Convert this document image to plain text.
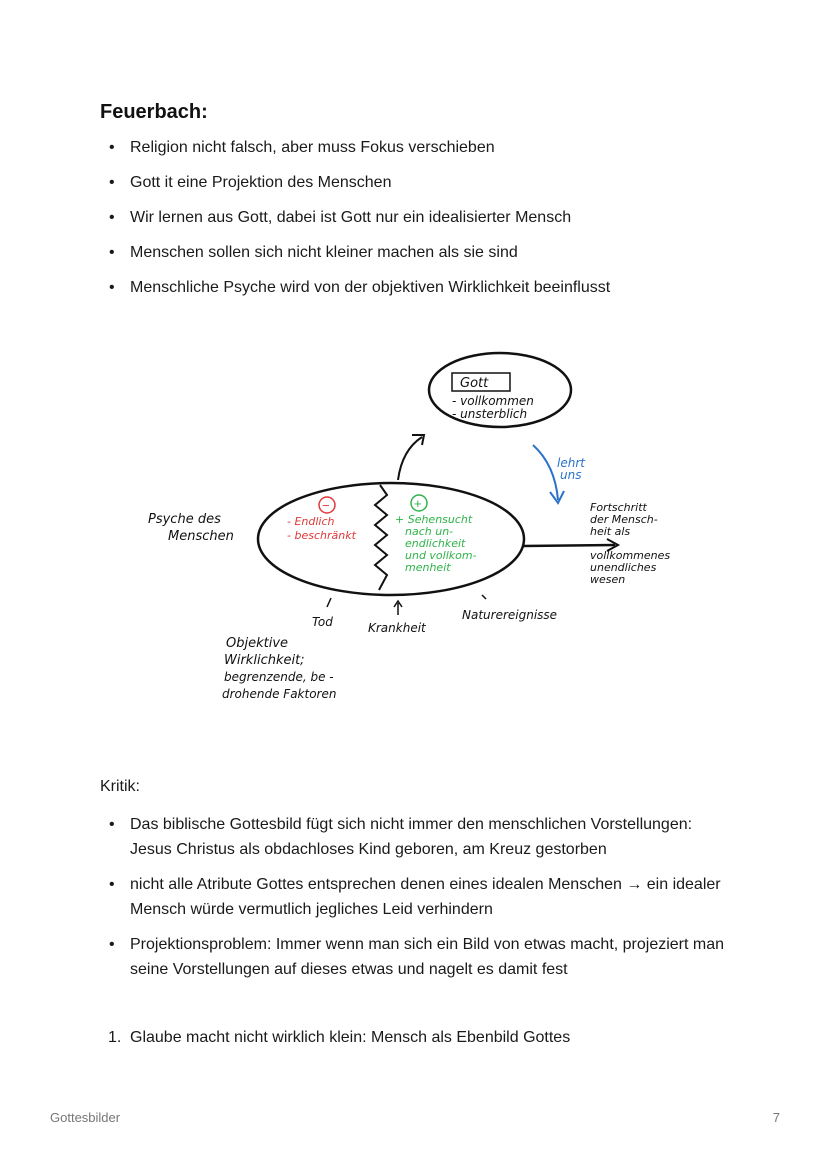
Feuerbach:
• Religion nicht falsch, aber muss Fokus verschieben
• Gott it eine Projektion des Menschen
• Wir lernen aus Gott, dabei ist Gott nur ein idealisierter Mensch
• Menschen sollen sich nicht kleiner machen als sie sind
• Menschliche Psyche wird von der objektiven Wirklichkeit beeinflusst
Gott
- vollkommen
- unsterblich
lehrt
uns
Psyche des
Menschen
−
- Endlich
- beschränkt
+
+ Sehensucht
nach un-
endlichkeit
und vollkom-
menheit
Fortschritt
der Mensch-
heit als
vollkommenes
unendliches
wesen
Tod	Krankheit
Naturereignisse
Objektive
Wirklichkeit;
begrenzende, be -
drohende Faktoren
Kritik:
• Das biblische Gottesbild fügt sich nicht immer den menschlichen Vorstellungen: Jesus Christus als obdachloses Kind geboren, am Kreuz gestorben
• nicht alle Atribute Gottes entsprechen denen eines idealen Menschen → ein idealer Mensch würde vermutlich jegliches Leid verhindern
• Projektionsproblem: Immer wenn man sich ein Bild von etwas macht, projeziert man seine Vorstellungen auf dieses etwas und nagelt es damit fest
1. Glaube macht nicht wirklich klein: Mensch als Ebenbild Gottes
Gottesbilder	7
